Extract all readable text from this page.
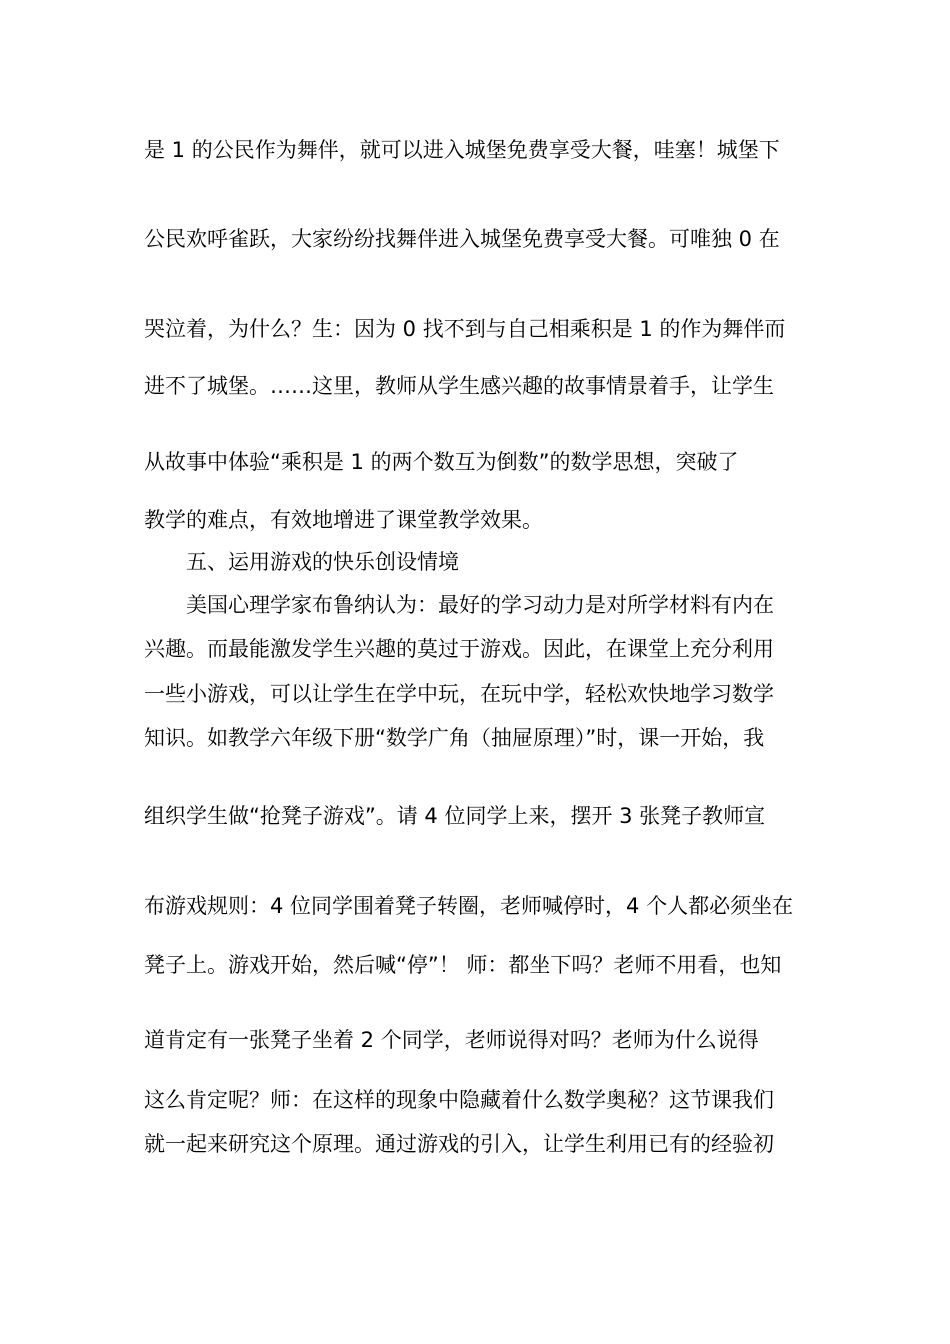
是 1 的公民作为舞伴，就可以进入城堡免费享受大餐，哇塞！城堡下
公民欢呼雀跃，大家纷纷找舞伴进入城堡免费享受大餐。可唯独 0 在
哭泣着，为什么？生：因为 0 找不到与自己相乘积是 1 的作为舞伴而
进不了城堡。……这里，教师从学生感兴趣的故事情景着手，让学生
从故事中体验“乘积是 1 的两个数互为倒数”的数学思想，突破了
教学的难点，有效地增进了课堂教学效果。
五、运用游戏的快乐创设情境
美国心理学家布鲁纳认为：最好的学习动力是对所学材料有内在
兴趣。而最能激发学生兴趣的莫过于游戏。因此，在课堂上充分利用
一些小游戏，可以让学生在学中玩，在玩中学，轻松欢快地学习数学
知识。如教学六年级下册“数学广角（抽屉原理）”时，课一开始，我
组织学生做“抢凳子游戏”。请 4 位同学上来，摆开 3 张凳子教师宣
布游戏规则：4 位同学围着凳子转圈，老师喊停时，4 个人都必须坐在
凳子上。游戏开始，然后喊“停”！ 师：都坐下吗？老师不用看，也知
道肯定有一张凳子坐着 2 个同学，老师说得对吗？老师为什么说得
这么肯定呢？师：在这样的现象中隐藏着什么数学奥秘？这节课我们
就一起来研究这个原理。通过游戏的引入，让学生利用已有的经验初
